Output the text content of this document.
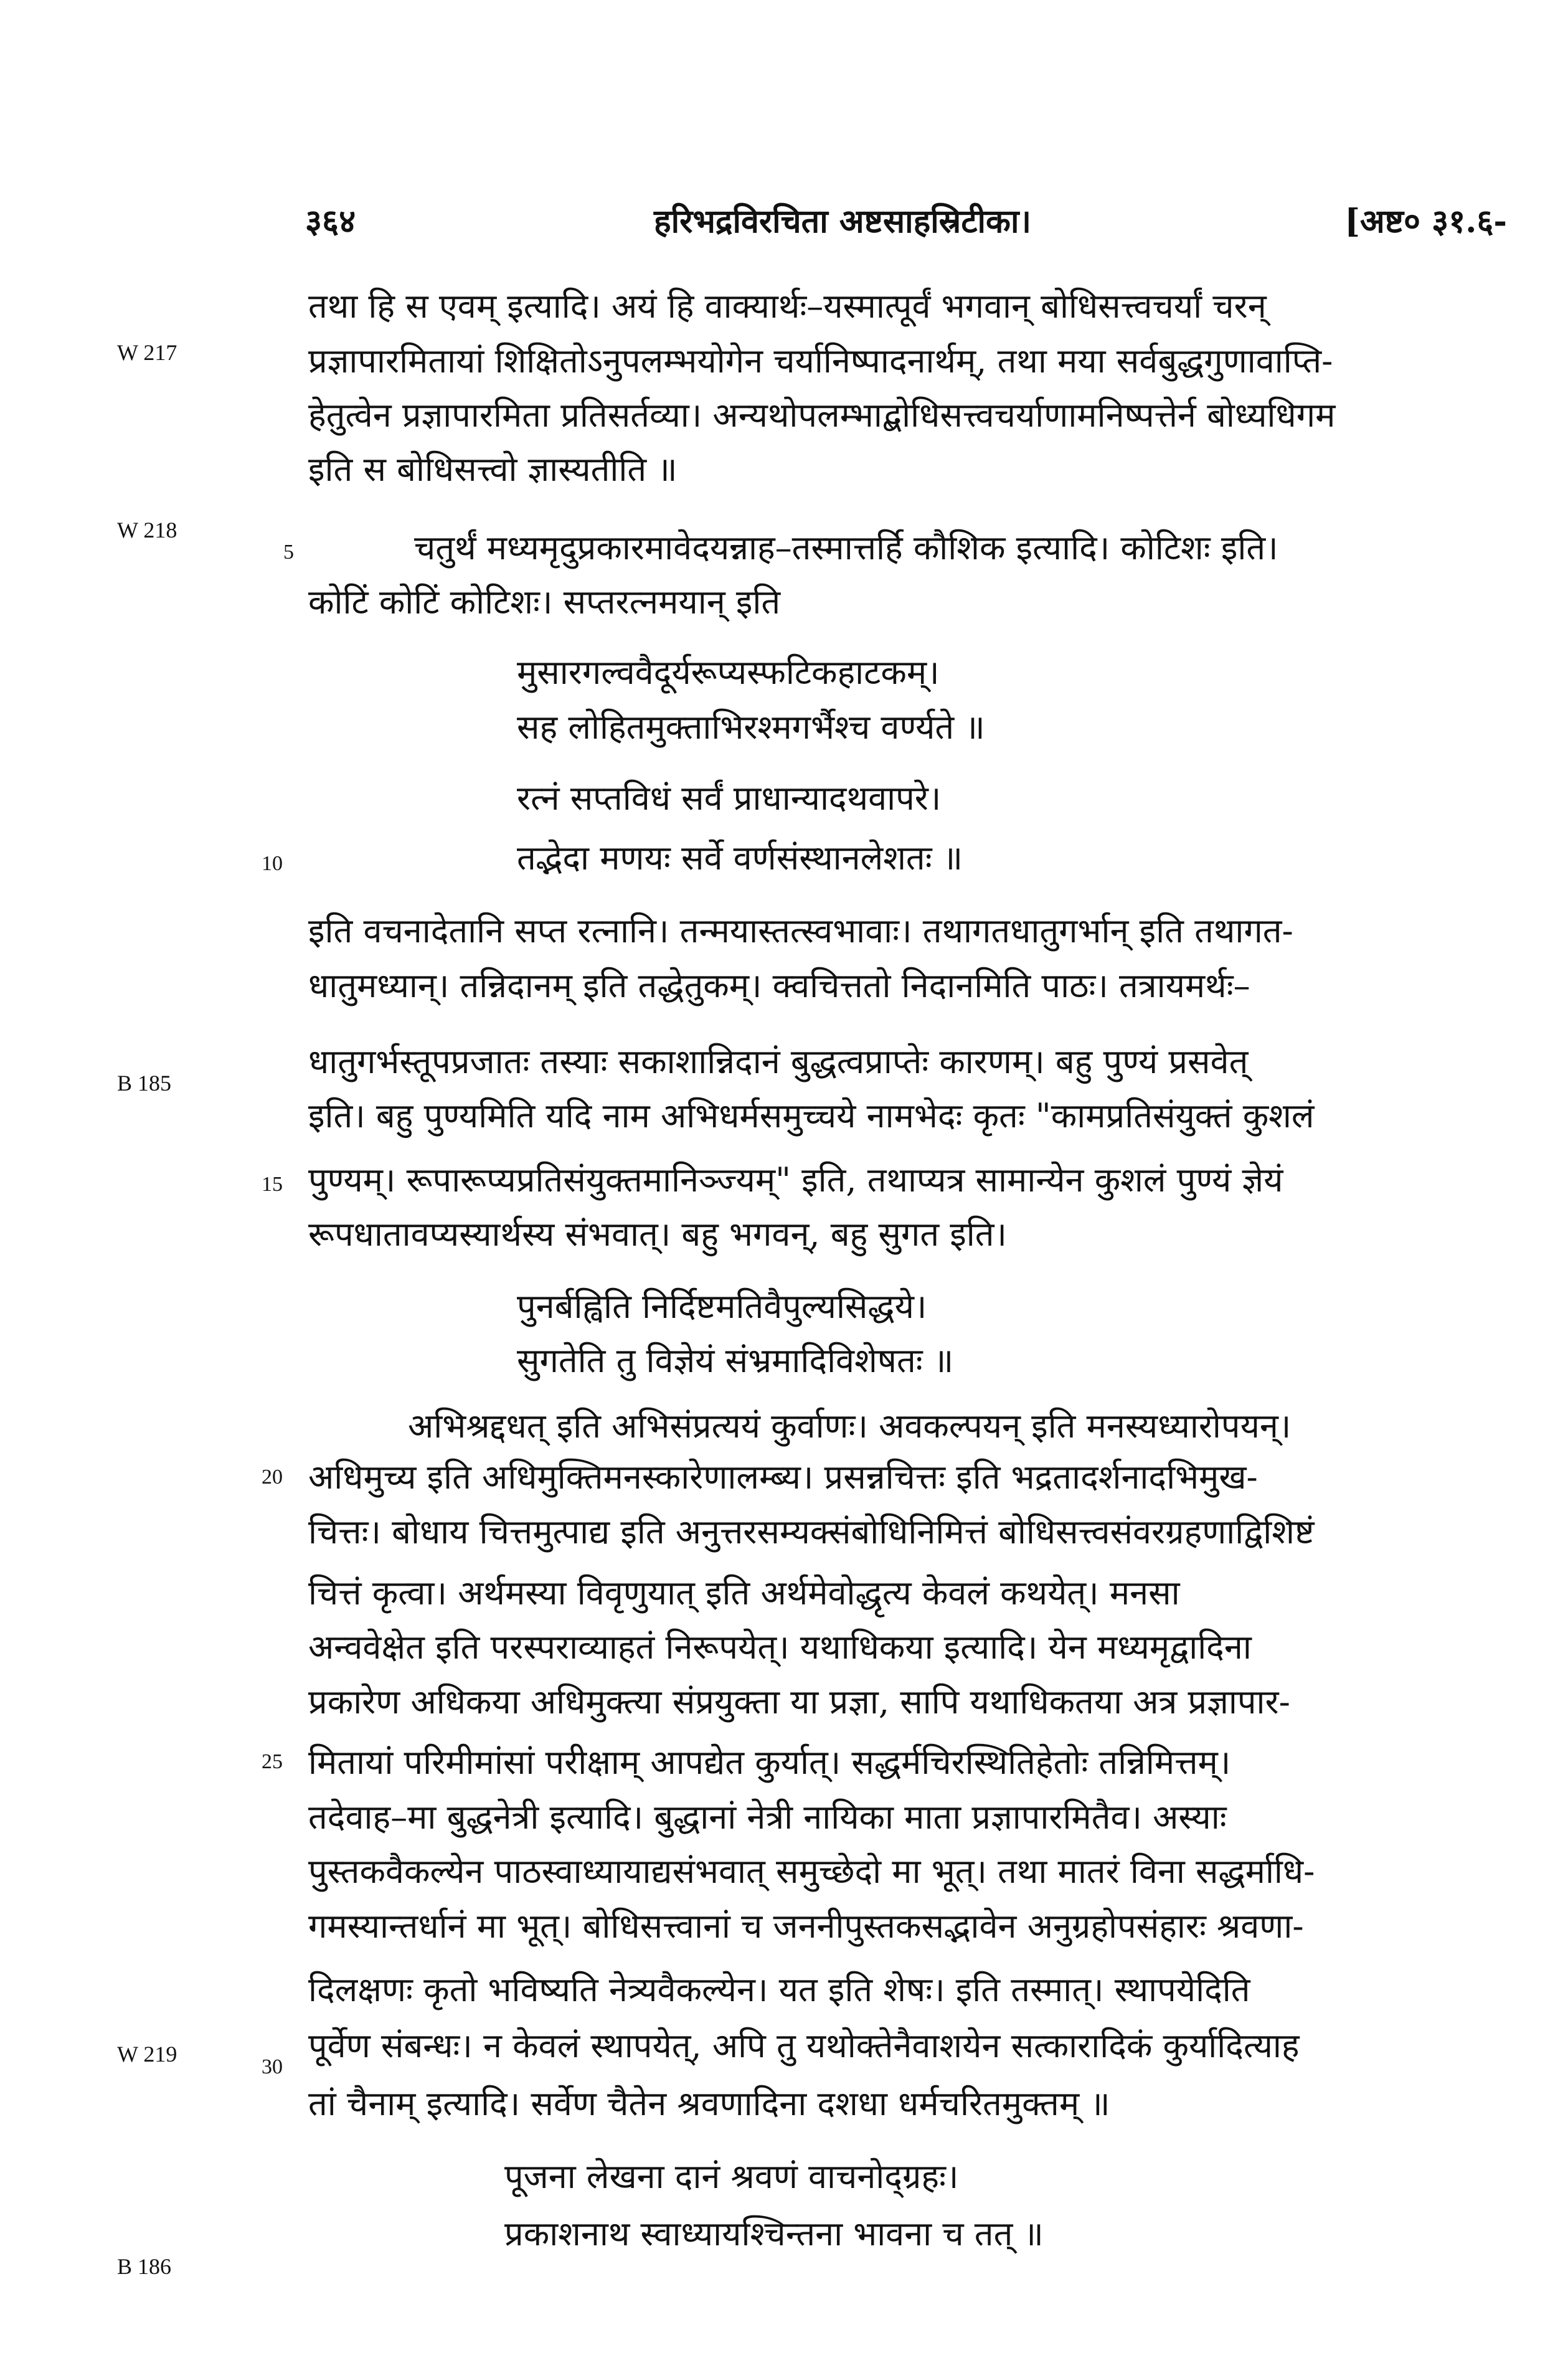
३६४	हरिभद्रविरचिता अष्टसाहस्रिटीका।	[अष्ट० ३१.६-
W 217
W 218
B 185
W 219
B 186
5
10
15
20
25
30
तथा हि स एवम् इत्यादि। अयं हि वाक्यार्थः–यस्मात्पूर्वं भगवान् बोधिसत्त्वचर्यां चरन्
प्रज्ञापारमितायां शिक्षितोऽनुपलम्भयोगेन चर्यानिष्पादनार्थम्, तथा मया सर्वबुद्धगुणावाप्ति-
हेतुत्वेन प्रज्ञापारमिता प्रतिसर्तव्या। अन्यथोपलम्भाद्बोधिसत्त्वचर्याणामनिष्पत्तेर्न बोध्यधिगम
इति स बोधिसत्त्वो ज्ञास्यतीति ॥
चतुर्थं मध्यमृदुप्रकारमावेदयन्नाह–तस्मात्तर्हि कौशिक इत्यादि। कोटिशः इति।
कोटिं कोटिं कोटिशः। सप्तरत्नमयान् इति
मुसारगल्ववैदूर्यरूप्यस्फटिकहाटकम्।
सह लोहितमुक्ताभिरश्मगर्भैश्च वर्ण्यते ॥
रत्नं सप्तविधं सर्वं प्राधान्यादथवापरे।
तद्भेदा मणयः सर्वे वर्णसंस्थानलेशतः ॥
इति वचनादेतानि सप्त रत्नानि। तन्मयास्तत्स्वभावाः। तथागतधातुगर्भान् इति तथागत-
धातुमध्यान्। तन्निदानम् इति तद्धेतुकम्। क्वचित्ततो निदानमिति पाठः। तत्रायमर्थः–
धातुगर्भस्तूपप्रजातः तस्याः सकाशान्निदानं बुद्धत्वप्राप्तेः कारणम्। बहु पुण्यं प्रसवेत्
इति। बहु पुण्यमिति यदि नाम अभिधर्मसमुच्चये नामभेदः कृतः "कामप्रतिसंयुक्तं कुशलं
पुण्यम्। रूपारूप्यप्रतिसंयुक्तमानिञ्ज्यम्" इति, तथाप्यत्र सामान्येन कुशलं पुण्यं ज्ञेयं
रूपधातावप्यस्यार्थस्य संभवात्। बहु भगवन्, बहु सुगत इति।
पुनर्बह्विति निर्दिष्टमतिवैपुल्यसिद्धये।
सुगतेति तु विज्ञेयं संभ्रमादिविशेषतः ॥
अभिश्रद्दधत् इति अभिसंप्रत्ययं कुर्वाणः। अवकल्पयन् इति मनस्यध्यारोपयन्।
अधिमुच्य इति अधिमुक्तिमनस्कारेणालम्ब्य। प्रसन्नचित्तः इति भद्रतादर्शनादभिमुख-
चित्तः। बोधाय चित्तमुत्पाद्य इति अनुत्तरसम्यक्संबोधिनिमित्तं बोधिसत्त्वसंवरग्रहणाद्विशिष्टं
चित्तं कृत्वा। अर्थमस्या विवृणुयात् इति अर्थमेवोद्धृत्य केवलं कथयेत्। मनसा
अन्ववेक्षेत इति परस्पराव्याहतं निरूपयेत्। यथाधिकया इत्यादि। येन मध्यमृद्वादिना
प्रकारेण अधिकया अधिमुक्त्या संप्रयुक्ता या प्रज्ञा, सापि यथाधिकतया अत्र प्रज्ञापार-
मितायां परिमीमांसां परीक्षाम् आपद्येत कुर्यात्। सद्धर्मचिरस्थितिहेतोः तन्निमित्तम्।
तदेवाह–मा बुद्धनेत्री इत्यादि। बुद्धानां नेत्री नायिका माता प्रज्ञापारमितैव। अस्याः
पुस्तकवैकल्येन पाठस्वाध्यायाद्यसंभवात् समुच्छेदो मा भूत्। तथा मातरं विना सद्धर्माधि-
गमस्यान्तर्धानं मा भूत्। बोधिसत्त्वानां च जननीपुस्तकसद्भावेन अनुग्रहोपसंहारः श्रवणा-
दिलक्षणः कृतो भविष्यति नेत्र्यवैकल्येन। यत इति शेषः। इति तस्मात्। स्थापयेदिति
पूर्वेण संबन्धः। न केवलं स्थापयेत्, अपि तु यथोक्तेनैवाशयेन सत्कारादिकं कुर्यादित्याह
तां चैनाम् इत्यादि। सर्वेण चैतेन श्रवणादिना दशधा धर्मचरितमुक्तम् ॥
पूजना लेखना दानं श्रवणं वाचनोद्ग्रहः।
प्रकाशनाथ स्वाध्यायश्चिन्तना भावना च तत् ॥
